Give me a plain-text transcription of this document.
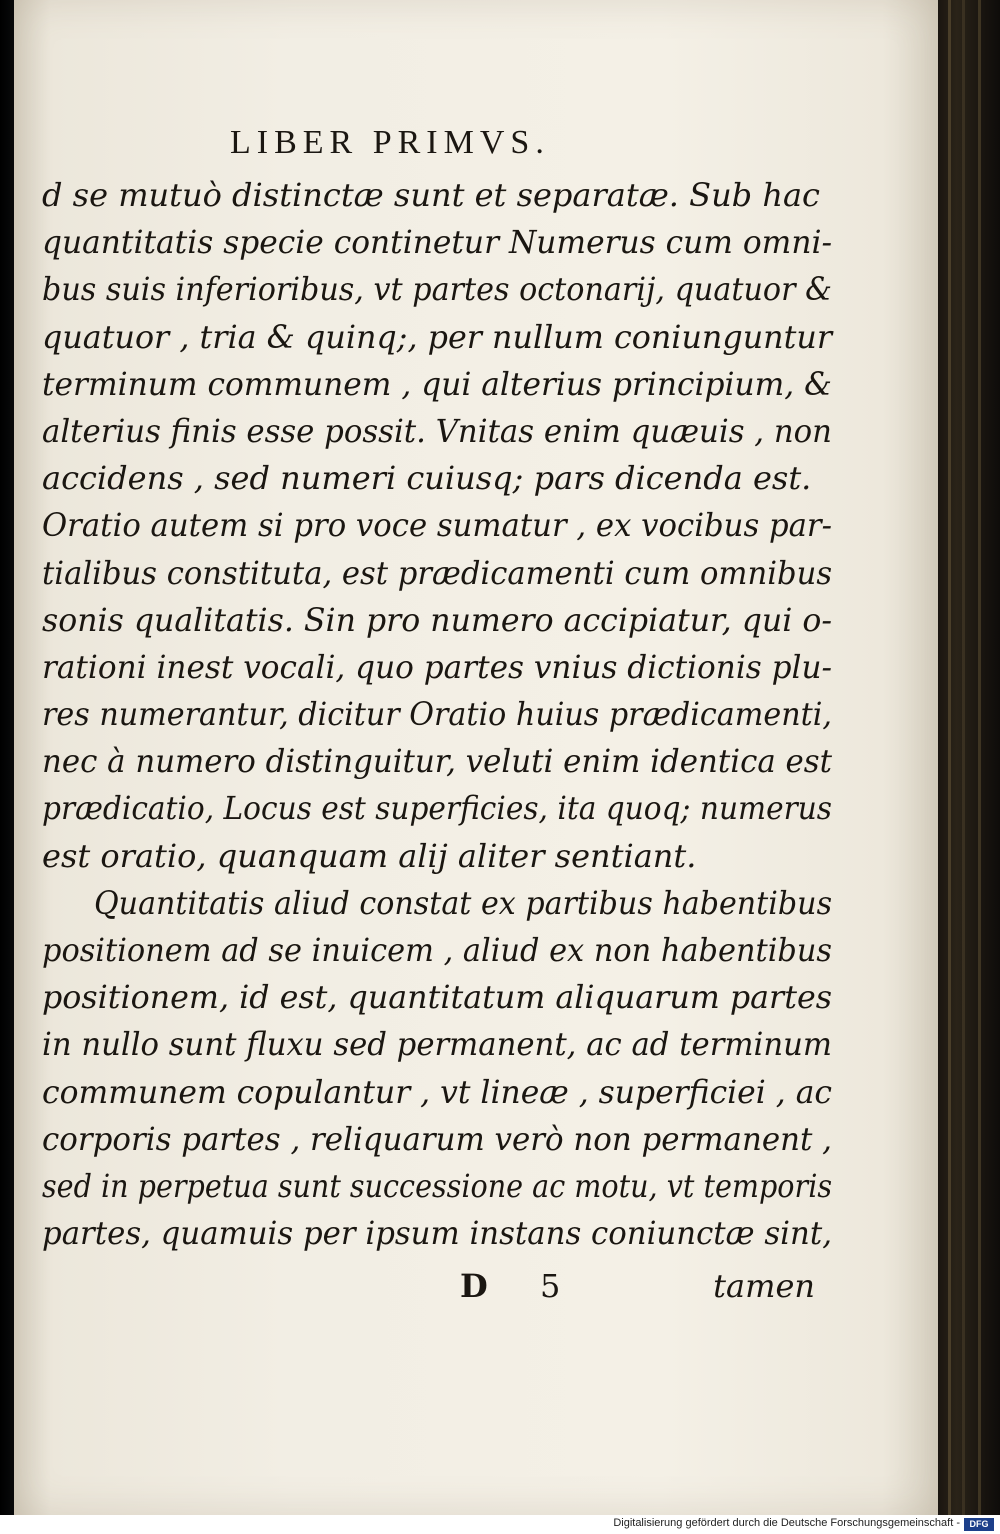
LIBER PRIMVS.
d se mutuò distinctæ sunt et separatæ. Sub hac
quantitatis specie continetur Numerus cum omni-
bus suis inferioribus, vt partes octonarij, quatuor &
quatuor , tria & quinq;, per nullum coniunguntur
terminum communem , qui alterius principium, &
alterius finis esse possit. Vnitas enim quæuis , non
accidens , sed numeri cuiusq; pars dicenda est.
Oratio autem si pro voce sumatur , ex vocibus par-
tialibus constituta, est prædicamenti cum omnibus
sonis qualitatis. Sin pro numero accipiatur, qui o-
rationi inest vocali, quo partes vnius dictionis plu-
res numerantur, dicitur Oratio huius prædicamenti,
nec à numero distinguitur, veluti enim identica est
prædicatio, Locus est superficies, ita quoq; numerus
est oratio, quanquam alij aliter sentiant.
Quantitatis aliud constat ex partibus habentibus
positionem ad se inuicem , aliud ex non habentibus
positionem, id est, quantitatum aliquarum partes
in nullo sunt fluxu sed permanent, ac ad terminum
communem copulantur , vt lineæ , superficiei , ac
corporis partes , reliquarum verò non permanent ,
sed in perpetua sunt successione ac motu, vt temporis
partes, quamuis per ipsum instans coniunctæ sint,
D 5	tamen
Digitalisierung gefördert durch die Deutsche Forschungsgemeinschaft -	DFG
